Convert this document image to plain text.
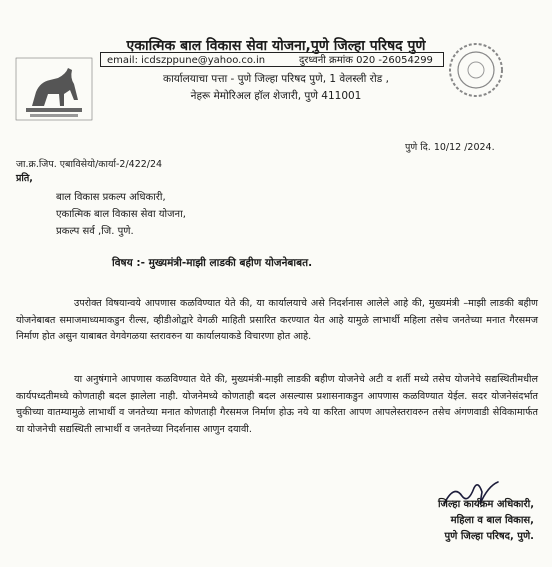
एकात्मिक बाल विकास सेवा योजना,पुणे जिल्हा परिषद पुणे
email: icdszppune@yahoo.co.in	दुरध्वनी क्रमांक 020 -26054299
कार्यालयाचा पत्ता - पुणे जिल्हा परिषद पुणे, 1 वेलस्ली रोड ,
नेहरू मेमोरिअल हॉल शेजारी, पुणे 411001
पुणे दि. 10/12 /2024.
जा.क्र.जिप. एबाविसेयो/कार्या-2/422/24
प्रति,
बाल विकास प्रकल्प अधिकारी,
एकात्मिक बाल विकास सेवा योजना,
प्रकल्प सर्व ,जि. पुणे.
विषय :- मुख्यमंत्री-माझी लाडकी बहीण योजनेबाबत.
उपरोक्त विषयान्वये आपणास कळविण्यात येते की, या कार्यालयाचे असे निदर्शनास आलेले आहे की, मुख्यमंत्री –माझी लाडकी बहीण योजनेबाबत समाजमाध्यमाकडुन रील्स, व्हीडीओद्वारे वेगळी माहिती प्रसारित करण्यात येत आहे यामुळे लाभार्थी महिला तसेच जनतेच्या मनात गैरसमज निर्माण होत असुन याबाबत वेगवेगळया स्तरावरुन या कार्यालयाकडे विचारणा होत आहे.
या अनुषंगाने आपणास कळविण्यात येते की, मुख्यमंत्री-माझी लाडकी बहीण योजनेचे अटी व शर्ती मध्ये तसेच योजनेचे सद्यस्थितीमधील कार्यपध्दतीमध्ये कोणताही बदल झालेला नाही. योजनेमध्ये कोणताही बदल असल्यास प्रशासनाकडुन आपणास कळविण्यात येईल. सदर योजनेसंदर्भात चुकीच्या वातम्यामुळे लाभार्थी व जनतेच्या मनात कोणताही गैरसमज निर्माण होऊ नये या करिता आपण आपलेस्तरावरुन तसेच अंगणवाडी सेविकामार्फत या योजनेची सद्यस्थिती लाभार्थी व जनतेच्या निदर्शनास आणुन दयावी.
जिल्हा कार्यक्रम अधिकारी,
महिला व बाल विकास,
पुणे जिल्हा परिषद, पुणे.
